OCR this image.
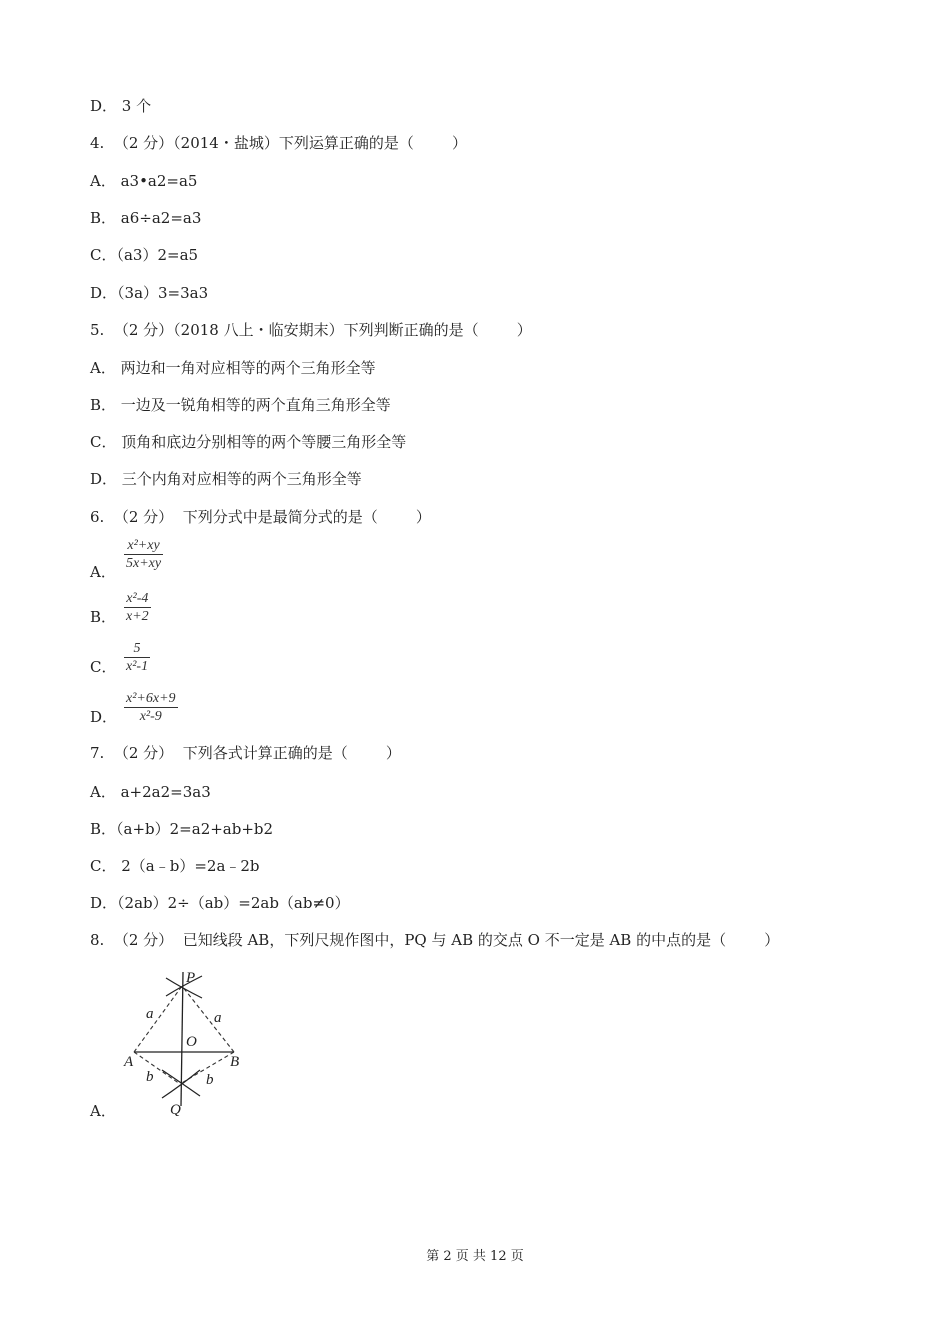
D． 3 个
4.  （2 分）（2014・盐城）下列运算正确的是（        ）
A． a3•a2=a5
B． a6÷a2=a3
C．（a3）2=a5
D．（3a）3=3a3
5.  （2 分）（2018 八上・临安期末）下列判断正确的是（        ）
A． 两边和一角对应相等的两个三角形全等
B． 一边及一锐角相等的两个直角三角形全等
C． 顶角和底边分别相等的两个等腰三角形全等
D． 三个内角对应相等的两个三角形全等
6.  （2 分）  下列分式中是最简分式的是（        ）
A．
x²+xy
5x+xy
B．
x²-4
x+2
C．
5
x²-1
D．
x²+6x+9
x²-9
7.  （2 分）  下列各式计算正确的是（        ）
A． a+2a2=3a3
B．（a+b）2=a2+ab+b2
C． 2（a﹣b）=2a﹣2b
D．（2ab）2÷（ab）=2ab（ab≠0）
8.  （2 分）  已知线段 AB，下列尺规作图中，PQ 与 AB 的交点 O 不一定是 AB 的中点的是（        ）
P
Q
A	B
O
a	a
b	b
A．
第 2 页 共 12 页
